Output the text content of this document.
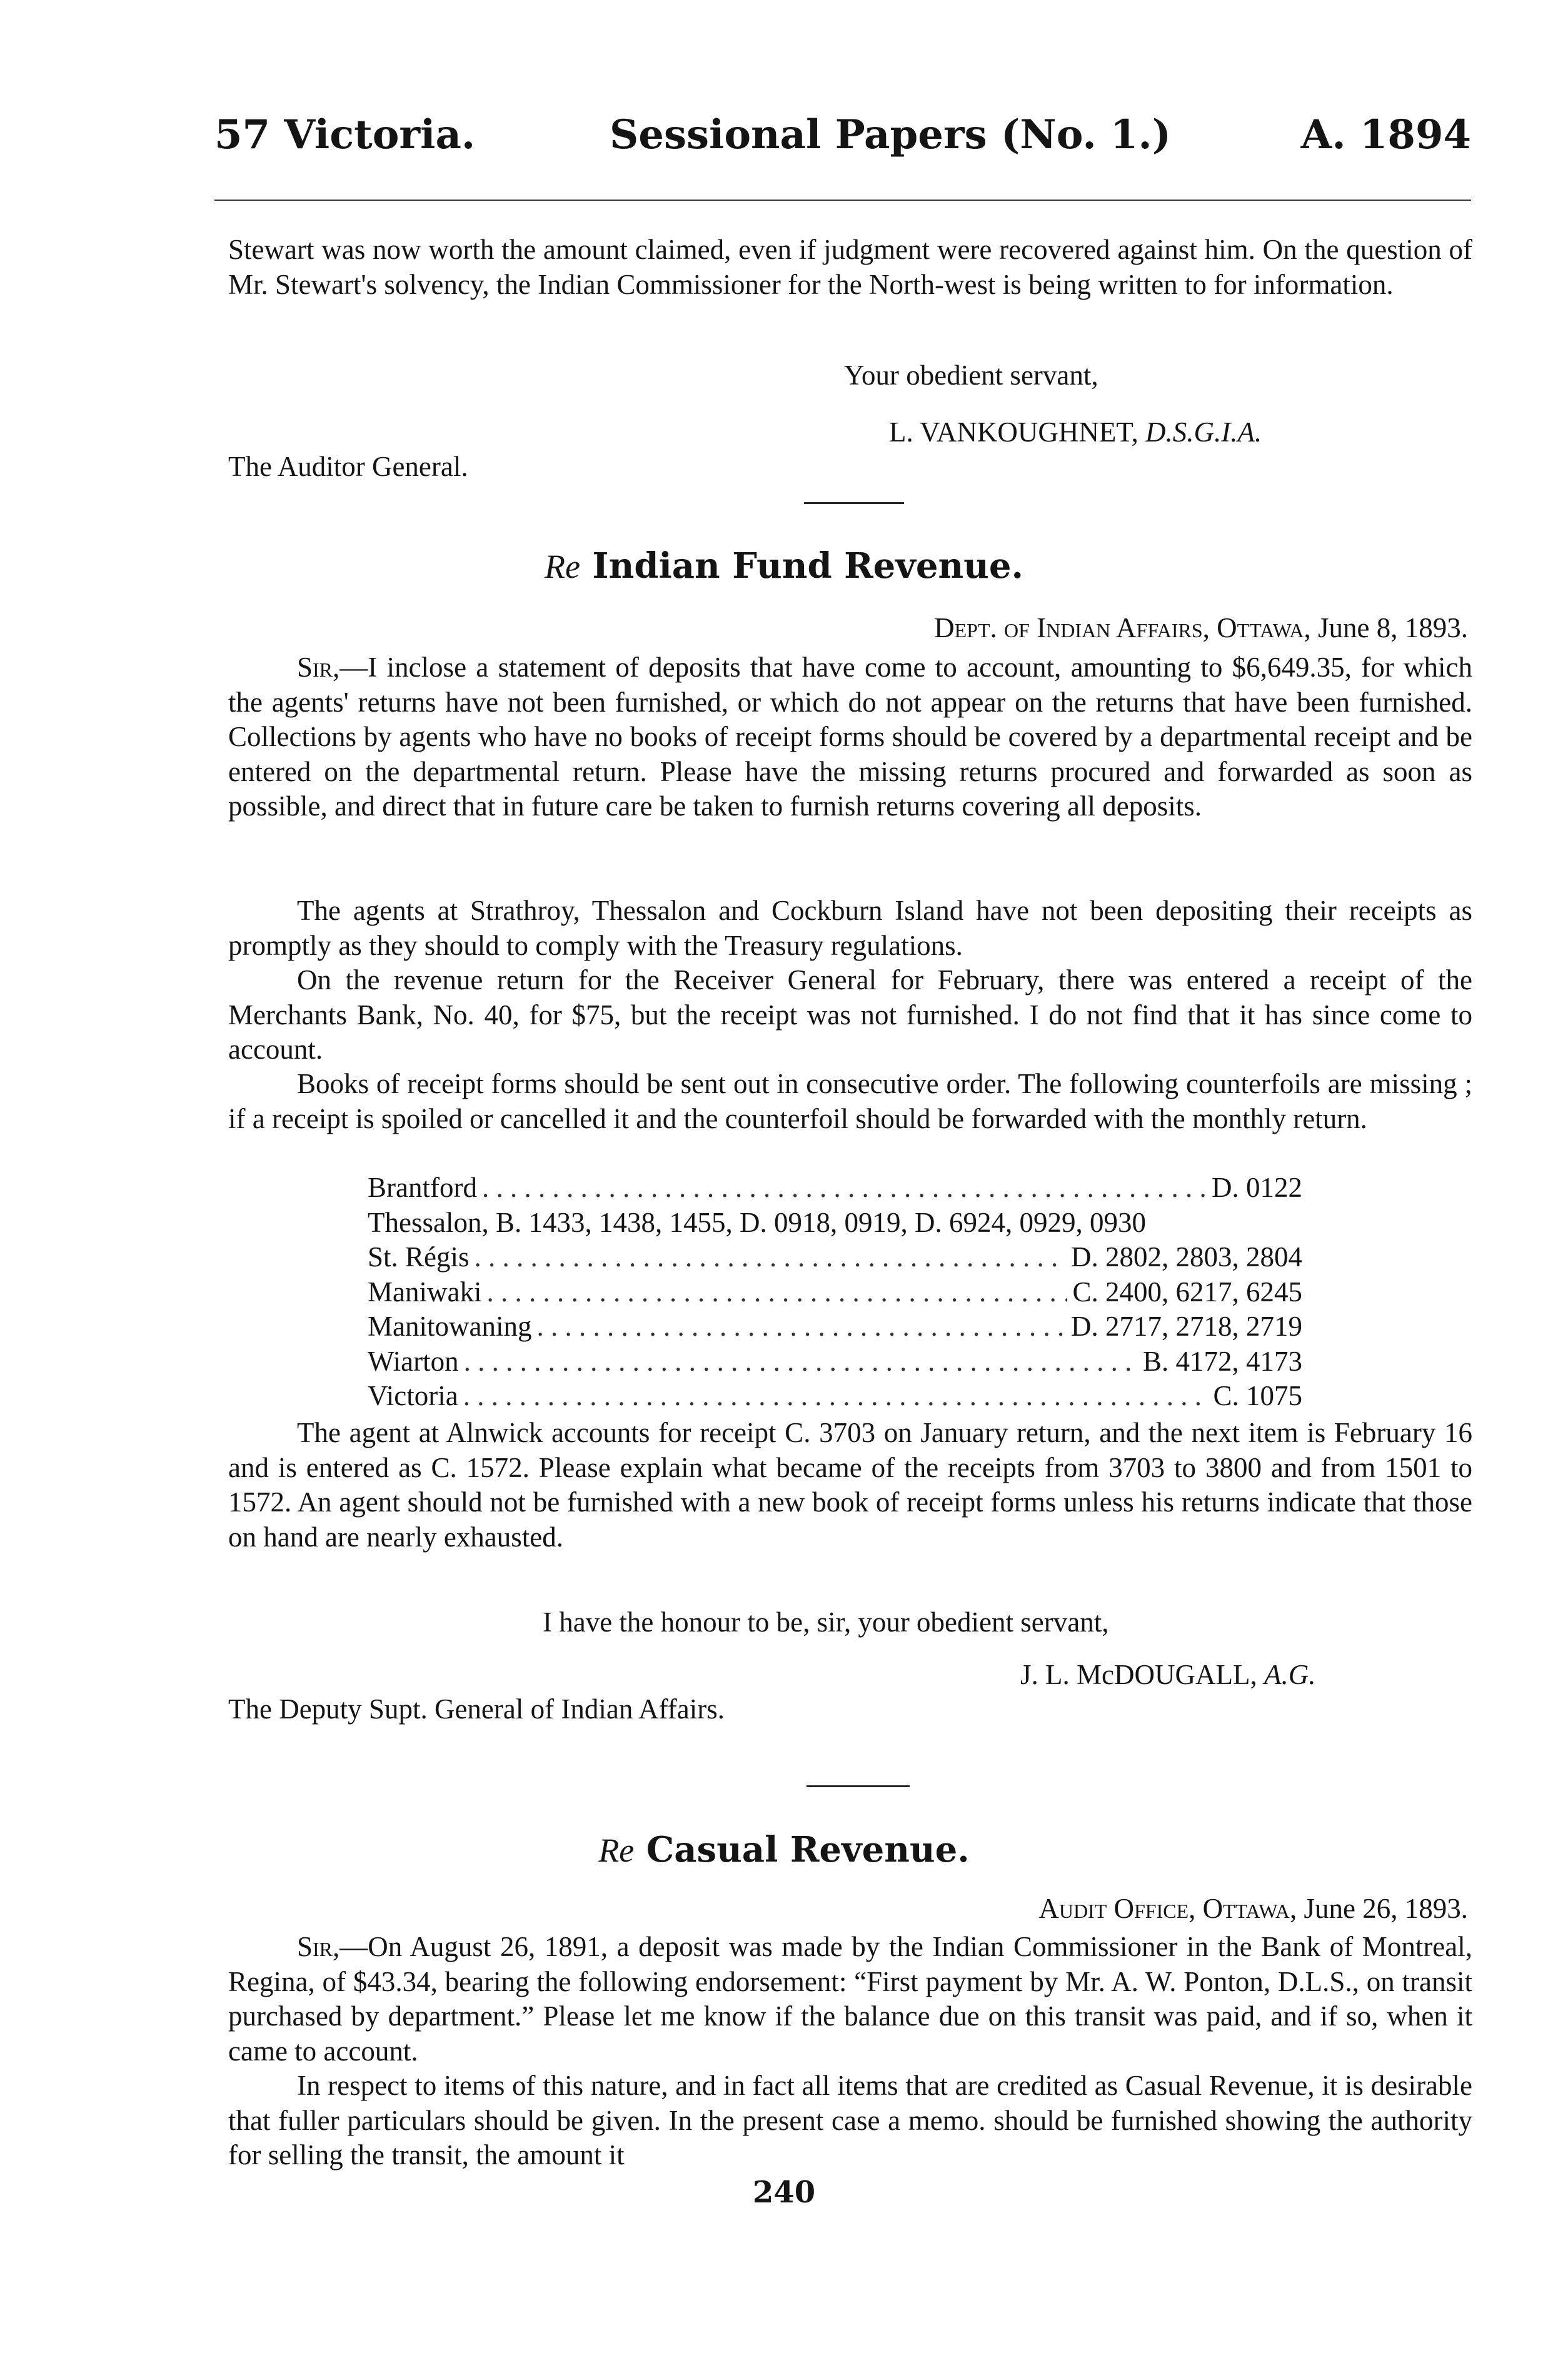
57 Victoria.	Sessional Papers (No. 1.)	A. 1894

Stewart was now worth the amount claimed, even if judgment were recovered against him. On the question of Mr. Stewart's solvency, the Indian Commissioner for the North-west is being written to for information.

Your obedient servant,
L. VANKOUGHNET, D.S.G.I.A.
The Auditor General.
Re Indian Fund Revenue.
Dept. of Indian Affairs, Ottawa, June 8, 1893.

Sir,—I inclose a statement of deposits that have come to account, amounting to $6,649.35, for which the agents' returns have not been furnished, or which do not appear on the returns that have been furnished. Collections by agents who have no books of receipt forms should be covered by a departmental receipt and be entered on the departmental return. Please have the missing returns procured and forwarded as soon as possible, and direct that in future care be taken to furnish returns covering all deposits.

The agents at Strathroy, Thessalon and Cockburn Island have not been depositing their receipts as promptly as they should to comply with the Treasury regulations.

On the revenue return for the Receiver General for February, there was entered a receipt of the Merchants Bank, No. 40, for $75, but the receipt was not furnished. I do not find that it has since come to account.

Books of receipt forms should be sent out in consecutive order. The following counterfoils are missing ; if a receipt is spoiled or cancelled it and the counterfoil should be forwarded with the monthly return.

Brantford . . .	D. 0122
Thessalon, B. 1433, 1438, 1455, D. 0918, 0919, D. 6924, 0929, 0930
St. Régis . . .	D. 2802, 2803, 2804
Maniwaki . . .	C. 2400, 6217, 6245
Manitowaning . . .	D. 2717, 2718, 2719
Wiarton . . .	B. 4172, 4173
Victoria . . .	C. 1075

The agent at Alnwick accounts for receipt C. 3703 on January return, and the next item is February 16 and is entered as C. 1572. Please explain what became of the receipts from 3703 to 3800 and from 1501 to 1572. An agent should not be furnished with a new book of receipt forms unless his returns indicate that those on hand are nearly exhausted.

I have the honour to be, sir, your obedient servant,
J. L. McDOUGALL, A.G.
The Deputy Supt. General of Indian Affairs.
Re Casual Revenue.
Audit Office, Ottawa, June 26, 1893.

Sir,—On August 26, 1891, a deposit was made by the Indian Commissioner in the Bank of Montreal, Regina, of $43.34, bearing the following endorsement: “First payment by Mr. A. W. Ponton, D.L.S., on transit purchased by department.” Please let me know if the balance due on this transit was paid, and if so, when it came to account.

In respect to items of this nature, and in fact all items that are credited as Casual Revenue, it is desirable that fuller particulars should be given. In the present case a memo. should be furnished showing the authority for selling the transit, the amount it

240
